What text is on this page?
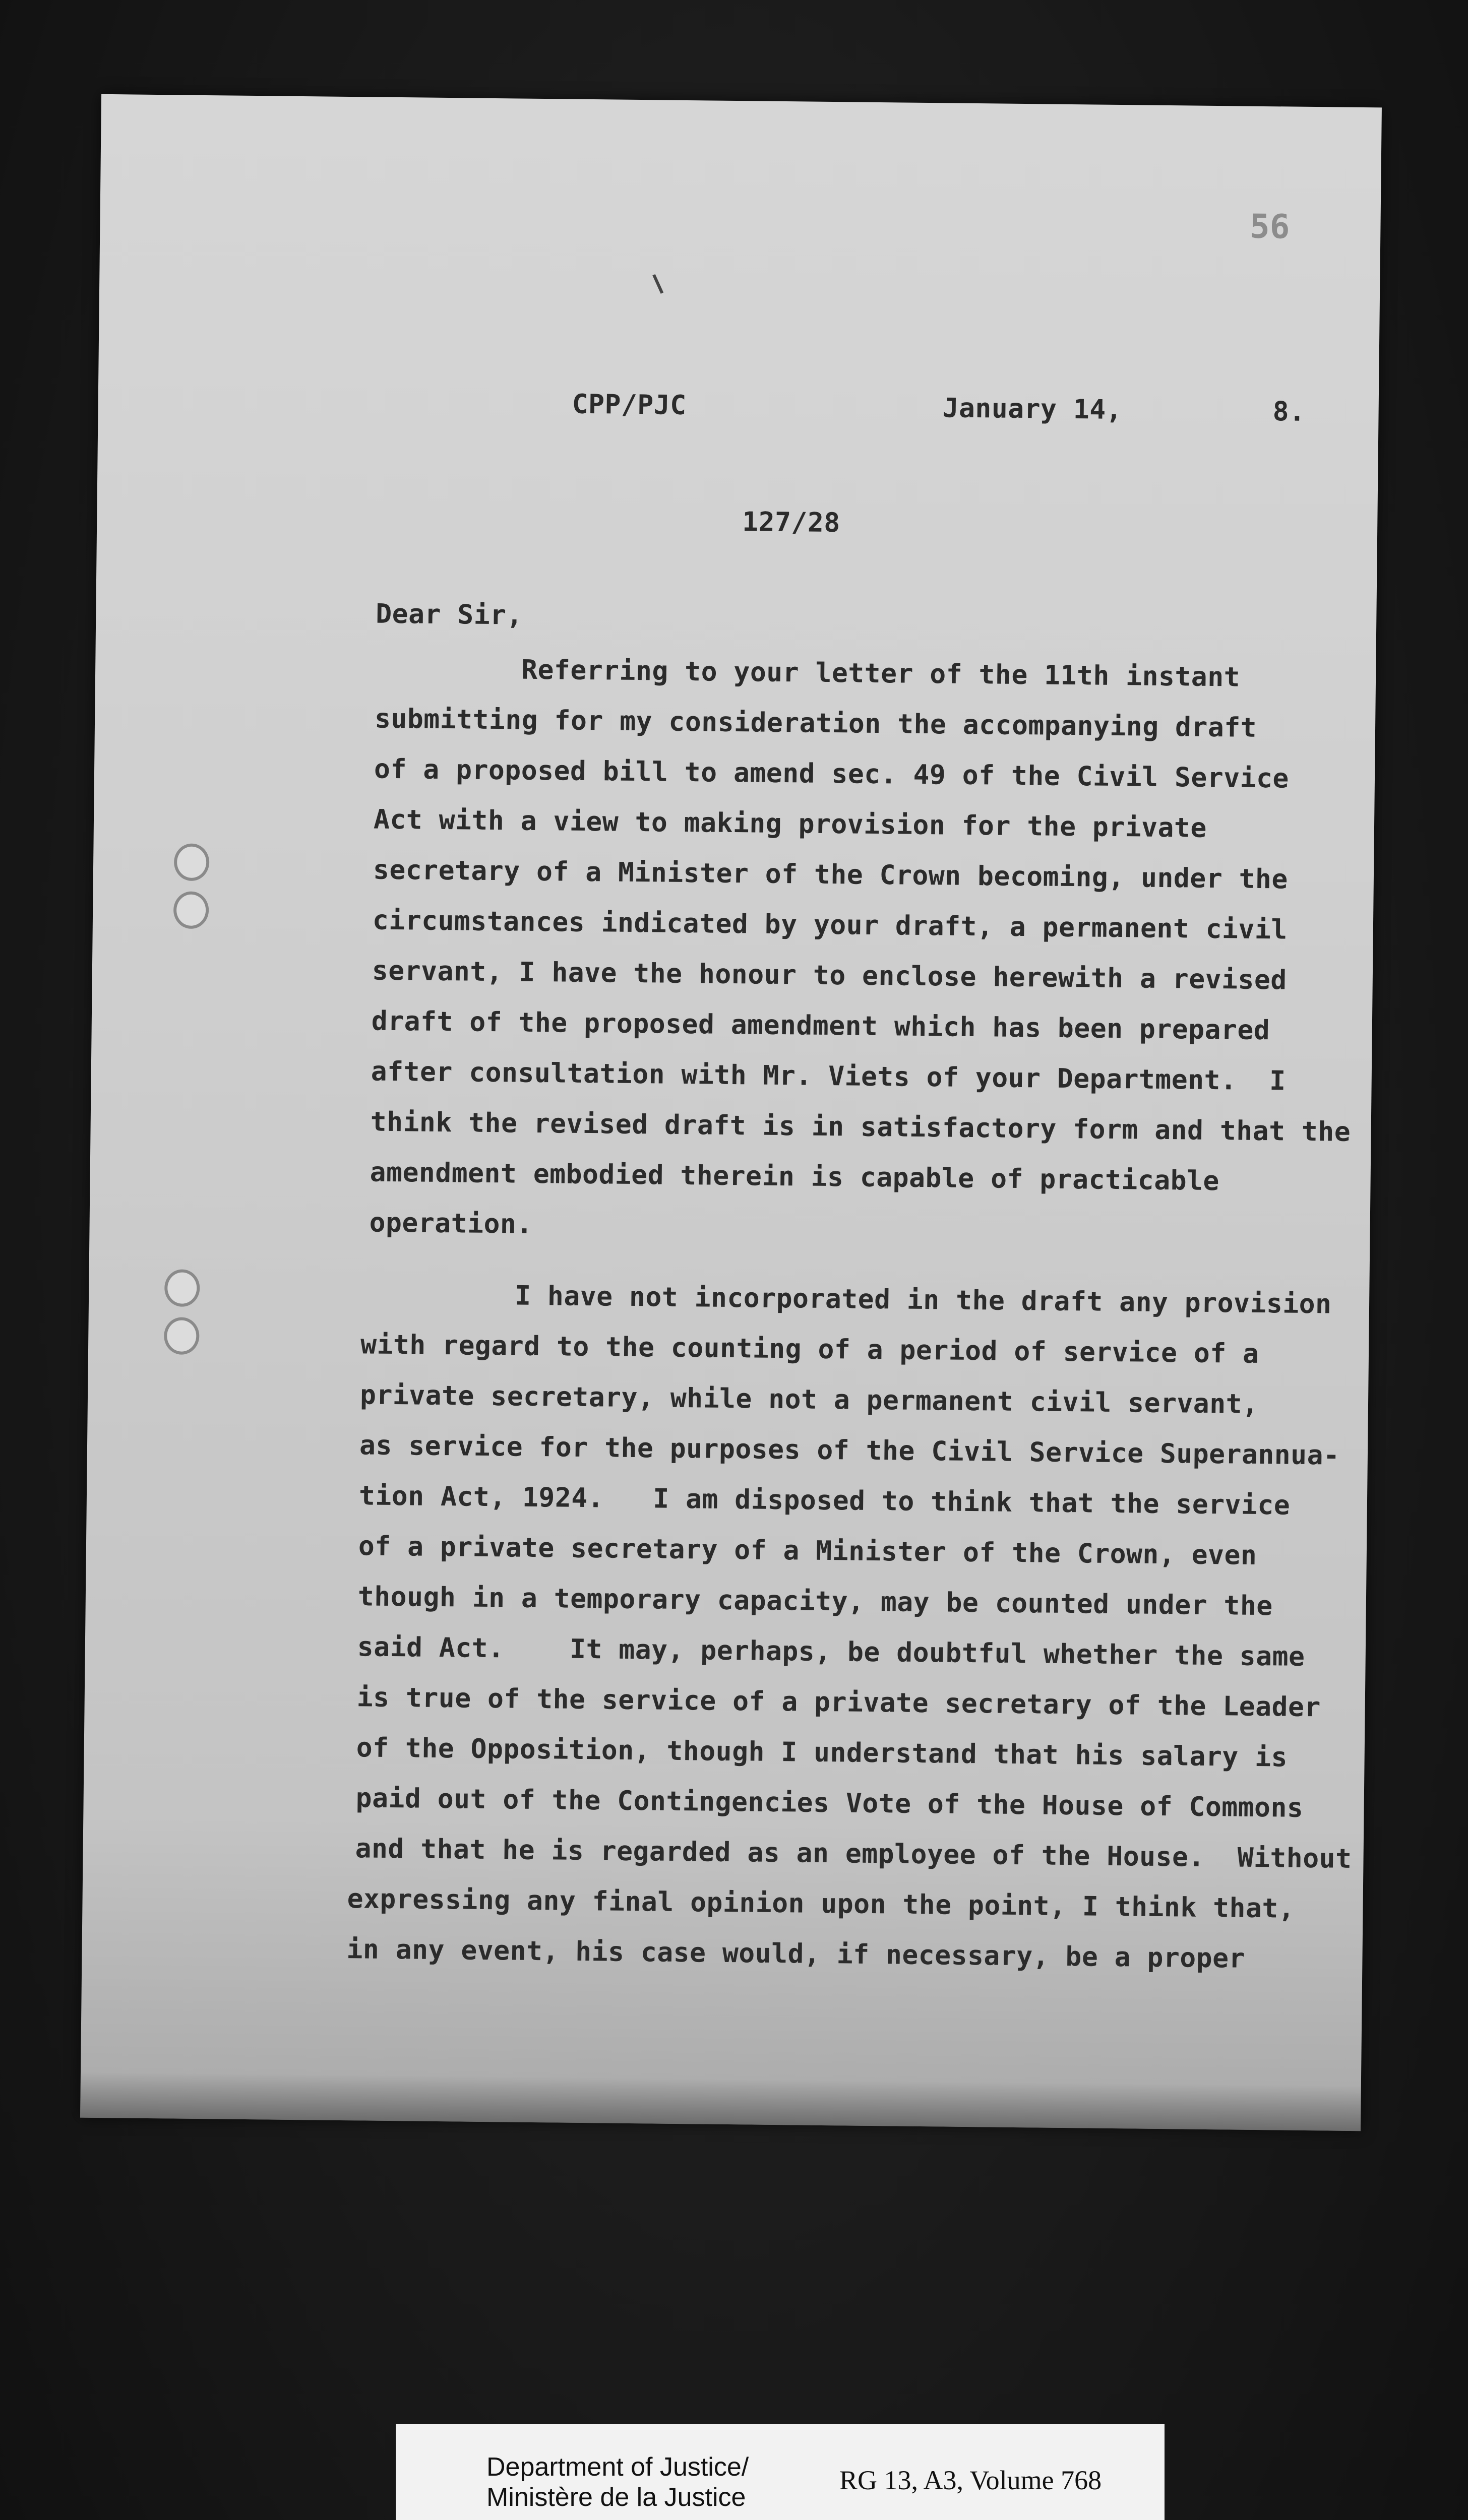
56
CPP/PJC	January 14,	8.
127/28
Dear Sir,
Referring to your letter of the 11th instant
submitting for my consideration the accompanying draft
of a proposed bill to amend sec. 49 of the Civil Service
Act with a view to making provision for the private
secretary of a Minister of the Crown becoming, under the
circumstances indicated by your draft, a permanent civil
servant, I have the honour to enclose herewith a revised
draft of the proposed amendment which has been prepared
after consultation with Mr. Viets of your Department.  I
think the revised draft is in satisfactory form and that the
amendment embodied therein is capable of practicable
operation.
I have not incorporated in the draft any provision
with regard to the counting of a period of service of a
private secretary, while not a permanent civil servant,
as service for the purposes of the Civil Service Superannua-
tion Act, 1924.   I am disposed to think that the service
of a private secretary of a Minister of the Crown, even
though in a temporary capacity, may be counted under the
said Act.    It may, perhaps, be doubtful whether the same
is true of the service of a private secretary of the Leader
of the Opposition, though I understand that his salary is
paid out of the Contingencies Vote of the House of Commons
and that he is regarded as an employee of the House.  Without
expressing any final opinion upon the point, I think that,
in any event, his case would, if necessary, be a proper
Department of Justice/
Ministère de la Justice
RG 13, A3, Volume 768
